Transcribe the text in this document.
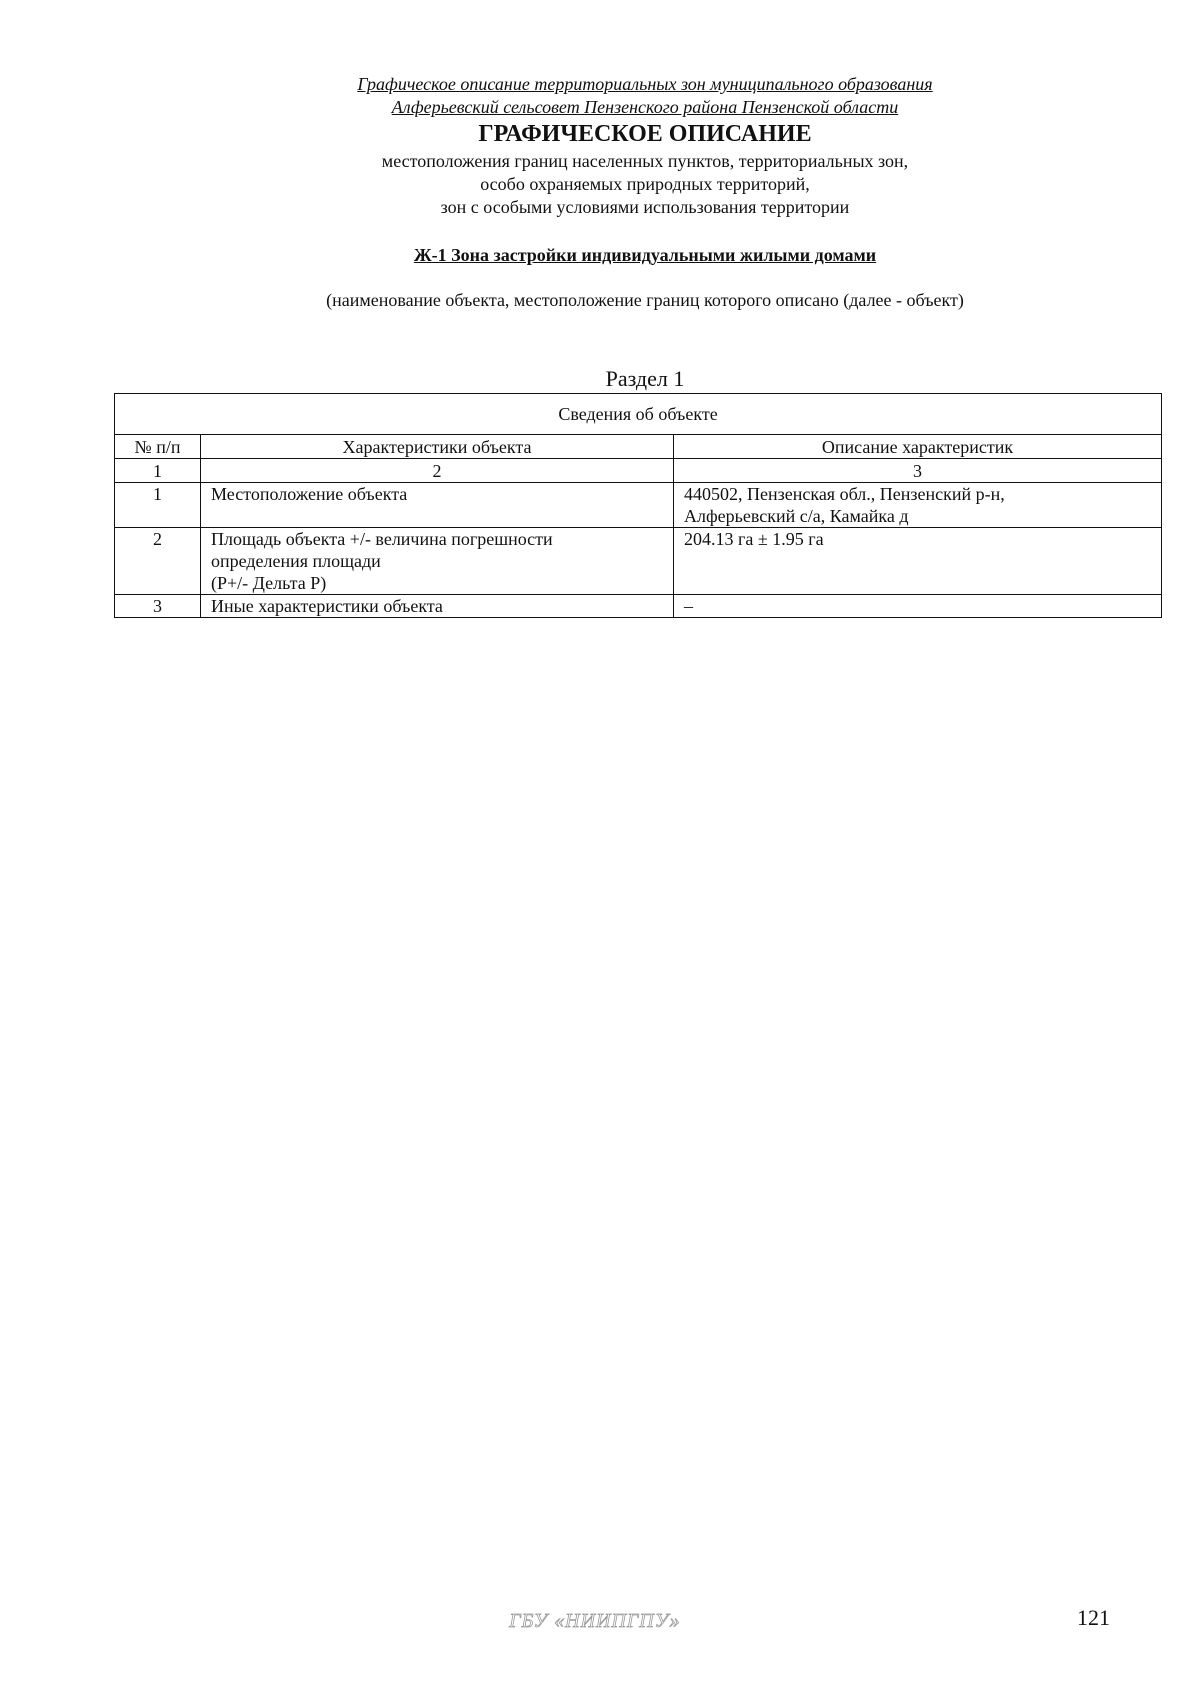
Графическое описание территориальных зон муниципального образования
Алферьевский сельсовет Пензенского района Пензенской области
ГРАФИЧЕСКОЕ ОПИСАНИЕ
местоположения границ населенных пунктов, территориальных зон,
особо охраняемых природных территорий,
зон с особыми условиями использования территории
Ж-1 Зона застройки индивидуальными жилыми домами
(наименование объекта, местоположение границ которого описано (далее - объект)
Раздел 1
Сведения об объекте		
№ п/п	Характеристики объекта	Описание характеристик
1	2	3
1	Местоположение объекта	440502, Пензенская обл., Пензенский р-н,
Алферьевский с/а, Камайка д

2	Площадь объекта +/- величина погрешности
определения площади
(P+/- Дельта P)	204.13 га ± 1.95 га

3	Иные характеристики объекта	–
ГБУ «НИИПГПУ»	121
